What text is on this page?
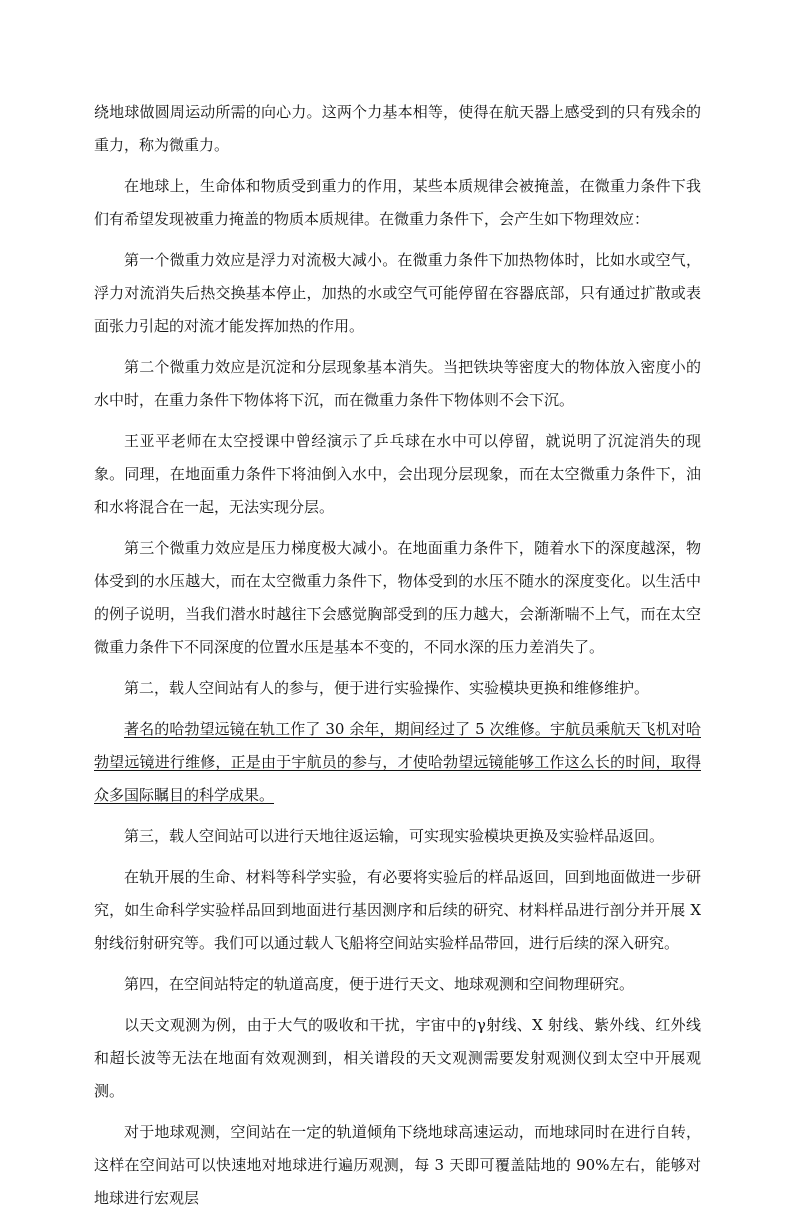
绕地球做圆周运动所需的向心力。这两个力基本相等，使得在航天器上感受到的只有残余的重力，称为微重力。

在地球上，生命体和物质受到重力的作用，某些本质规律会被掩盖，在微重力条件下我们有希望发现被重力掩盖的物质本质规律。在微重力条件下，会产生如下物理效应：

第一个微重力效应是浮力对流极大减小。在微重力条件下加热物体时，比如水或空气，浮力对流消失后热交换基本停止，加热的水或空气可能停留在容器底部，只有通过扩散或表面张力引起的对流才能发挥加热的作用。

第二个微重力效应是沉淀和分层现象基本消失。当把铁块等密度大的物体放入密度小的水中时，在重力条件下物体将下沉，而在微重力条件下物体则不会下沉。

王亚平老师在太空授课中曾经演示了乒乓球在水中可以停留，就说明了沉淀消失的现象。同理，在地面重力条件下将油倒入水中，会出现分层现象，而在太空微重力条件下，油和水将混合在一起，无法实现分层。

第三个微重力效应是压力梯度极大减小。在地面重力条件下，随着水下的深度越深，物体受到的水压越大，而在太空微重力条件下，物体受到的水压不随水的深度变化。以生活中的例子说明，当我们潜水时越往下会感觉胸部受到的压力越大，会渐渐喘不上气，而在太空微重力条件下不同深度的位置水压是基本不变的，不同水深的压力差消失了。

第二，载人空间站有人的参与，便于进行实验操作、实验模块更换和维修维护。

著名的哈勃望远镜在轨工作了 30 余年，期间经过了 5 次维修。宇航员乘航天飞机对哈勃望远镜进行维修，正是由于宇航员的参与，才使哈勃望远镜能够工作这么长的时间，取得众多国际瞩目的科学成果。

第三，载人空间站可以进行天地往返运输，可实现实验模块更换及实验样品返回。

在轨开展的生命、材料等科学实验，有必要将实验后的样品返回，回到地面做进一步研究，如生命科学实验样品回到地面进行基因测序和后续的研究、材料样品进行剖分并开展 X 射线衍射研究等。我们可以通过载人飞船将空间站实验样品带回，进行后续的深入研究。

第四，在空间站特定的轨道高度，便于进行天文、地球观测和空间物理研究。

以天文观测为例，由于大气的吸收和干扰，宇宙中的γ射线、X 射线、紫外线、红外线和超长波等无法在地面有效观测到，相关谱段的天文观测需要发射观测仪到太空中开展观测。

对于地球观测，空间站在一定的轨道倾角下绕地球高速运动，而地球同时在进行自转，这样在空间站可以快速地对地球进行遍历观测，每 3 天即可覆盖陆地的 90%左右，能够对地球进行宏观层
